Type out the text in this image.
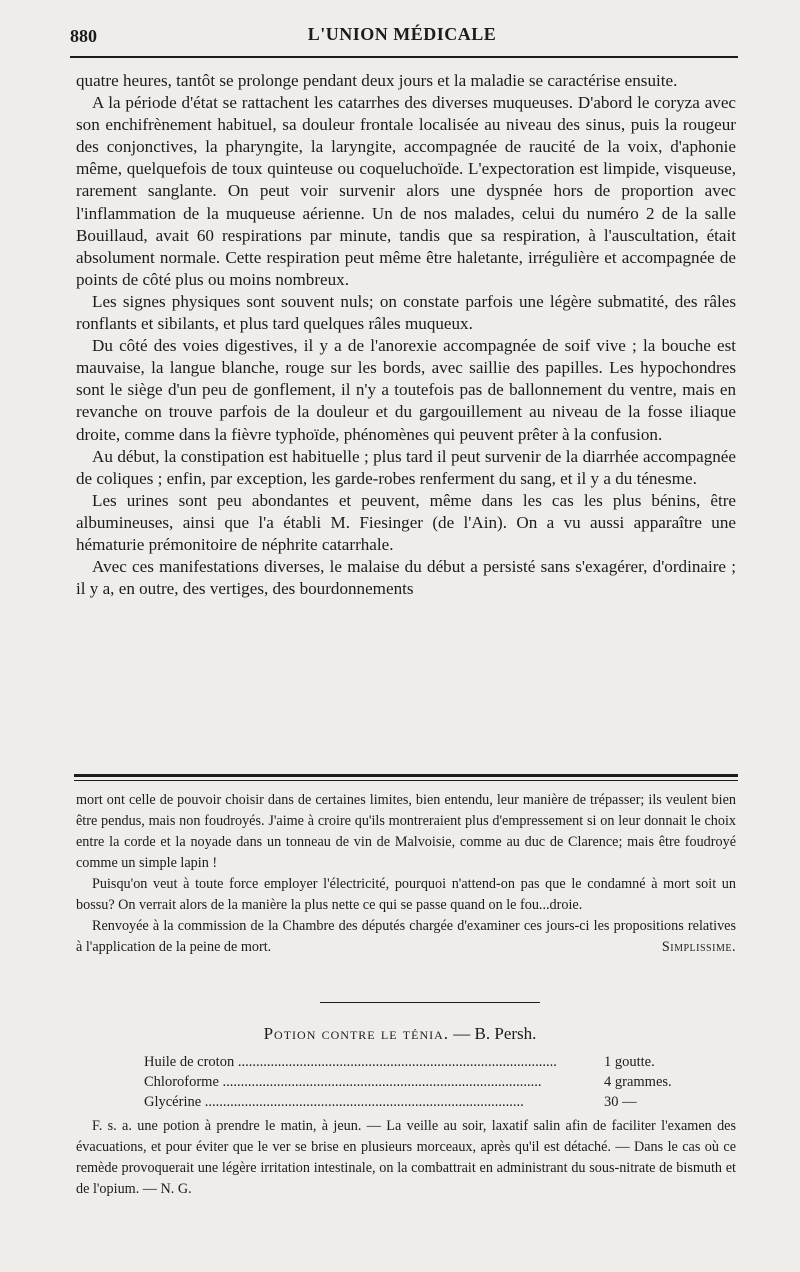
880	L'UNION MÉDICALE

quatre heures, tantôt se prolonge pendant deux jours et la maladie se caractérise ensuite.

A la période d'état se rattachent les catarrhes des diverses muqueuses. D'abord le coryza avec son enchifrènement habituel, sa douleur frontale localisée au niveau des sinus, puis la rougeur des conjonctives, la pharyngite, la laryngite, accompagnée de raucité de la voix, d'aphonie même, quelquefois de toux quinteuse ou coqueluchoïde. L'expectoration est limpide, visqueuse, rarement sanglante. On peut voir survenir alors une dyspnée hors de proportion avec l'inflammation de la muqueuse aérienne. Un de nos malades, celui du numéro 2 de la salle Bouillaud, avait 60 respirations par minute, tandis que sa respiration, à l'auscultation, était absolument normale. Cette respiration peut même être haletante, irrégulière et accompagnée de points de côté plus ou moins nombreux.

Les signes physiques sont souvent nuls; on constate parfois une légère submatité, des râles ronflants et sibilants, et plus tard quelques râles muqueux.

Du côté des voies digestives, il y a de l'anorexie accompagnée de soif vive ; la bouche est mauvaise, la langue blanche, rouge sur les bords, avec saillie des papilles. Les hypochondres sont le siège d'un peu de gonflement, il n'y a toutefois pas de ballonnement du ventre, mais en revanche on trouve parfois de la douleur et du gargouillement au niveau de la fosse iliaque droite, comme dans la fièvre typhoïde, phénomènes qui peuvent prêter à la confusion.

Au début, la constipation est habituelle ; plus tard il peut survenir de la diarrhée accompagnée de coliques ; enfin, par exception, les garde-robes renferment du sang, et il y a du ténesme.

Les urines sont peu abondantes et peuvent, même dans les cas les plus bénins, être albumineuses, ainsi que l'a établi M. Fiesinger (de l'Ain). On a vu aussi apparaître une hématurie prémonitoire de néphrite catarrhale.

Avec ces manifestations diverses, le malaise du début a persisté sans s'exagérer, d'ordinaire ; il y a, en outre, des vertiges, des bourdonnements

mort ont celle de pouvoir choisir dans de certaines limites, bien entendu, leur manière de trépasser; ils veulent bien être pendus, mais non foudroyés. J'aime à croire qu'ils montreraient plus d'empressement si on leur donnait le choix entre la corde et la noyade dans un tonneau de vin de Malvoisie, comme au duc de Clarence; mais être foudroyé comme un simple lapin !

Puisqu'on veut à toute force employer l'électricité, pourquoi n'attend-on pas que le condamné à mort soit un bossu? On verrait alors de la manière la plus nette ce qui se passe quand on le fou...droie.

Renvoyée à la commission de la Chambre des députés chargée d'examiner ces jours-ci les propositions relatives à l'application de la peine de mort.	Simplissime.

Potion contre le ténia. — B. Persh.
Huile de croton .....	1 goutte.
Chloroforme .....	4 grammes.
Glycérine .....	30 —

F. s. a. une potion à prendre le matin, à jeun. — La veille au soir, laxatif salin afin de faciliter l'examen des évacuations, et pour éviter que le ver se brise en plusieurs morceaux, après qu'il est détaché. — Dans le cas où ce remède provoquerait une légère irritation intestinale, on la combattrait en administrant du sous-nitrate de bismuth et de l'opium. — N. G.
